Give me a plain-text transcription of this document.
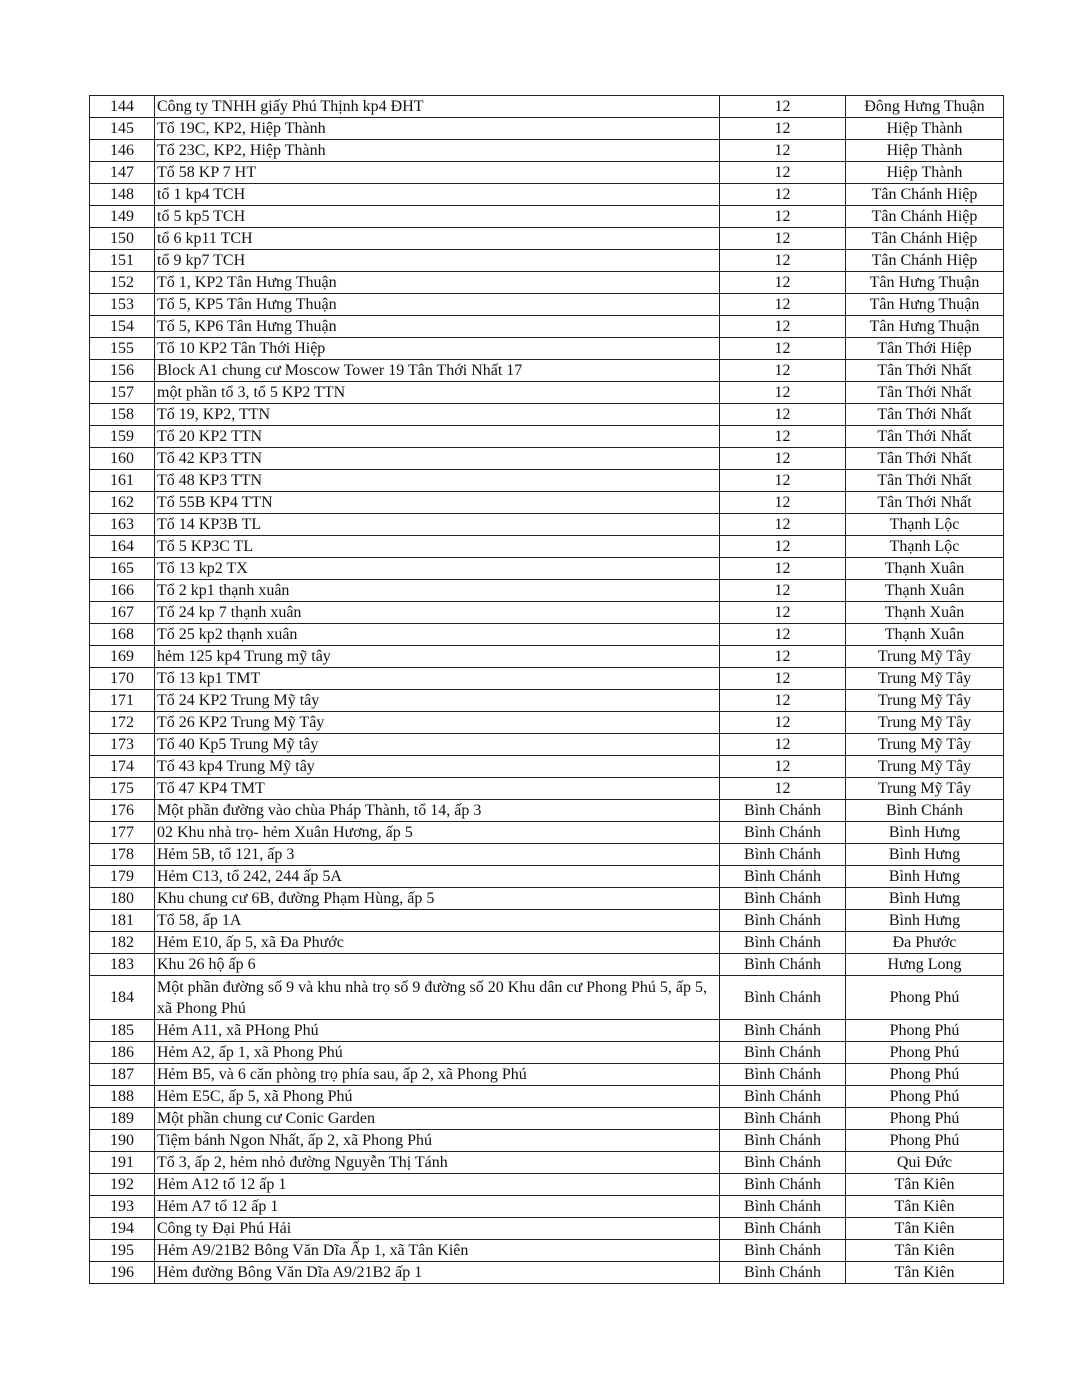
144	Công ty TNHH giấy Phú Thịnh kp4 ĐHT	12	Đông Hưng Thuận
145	Tổ 19C, KP2, Hiệp Thành	12	Hiệp Thành
146	Tổ 23C, KP2, Hiệp Thành	12	Hiệp Thành
147	Tổ 58 KP 7 HT	12	Hiệp Thành
148	tổ 1 kp4 TCH	12	Tân Chánh Hiệp
149	tổ 5 kp5 TCH	12	Tân Chánh Hiệp
150	tổ 6 kp11 TCH	12	Tân Chánh Hiệp
151	tổ 9 kp7 TCH	12	Tân Chánh Hiệp
152	Tổ 1, KP2 Tân Hưng Thuận	12	Tân Hưng Thuận
153	Tổ 5, KP5 Tân Hưng Thuận	12	Tân Hưng Thuận
154	Tổ 5, KP6 Tân Hưng Thuận	12	Tân Hưng Thuận
155	Tổ 10 KP2 Tân Thới Hiệp	12	Tân Thới Hiệp
156	Block A1 chung cư Moscow Tower 19 Tân Thới Nhất 17	12	Tân Thới Nhất
157	một phần tổ 3, tổ 5 KP2 TTN	12	Tân Thới Nhất
158	Tổ 19, KP2, TTN	12	Tân Thới Nhất
159	Tổ 20 KP2 TTN	12	Tân Thới Nhất
160	Tổ 42 KP3 TTN	12	Tân Thới Nhất
161	Tổ 48 KP3 TTN	12	Tân Thới Nhất
162	Tổ 55B KP4 TTN	12	Tân Thới Nhất
163	Tổ 14 KP3B TL	12	Thạnh Lộc
164	Tổ 5 KP3C TL	12	Thạnh Lộc
165	Tổ 13 kp2 TX	12	Thạnh Xuân
166	Tổ 2 kp1 thạnh xuân	12	Thạnh Xuân
167	Tổ 24 kp 7 thạnh xuân	12	Thạnh Xuân
168	Tổ 25 kp2 thạnh xuân	12	Thạnh Xuân
169	hẻm 125 kp4 Trung mỹ tây	12	Trung Mỹ Tây
170	Tổ 13 kp1 TMT	12	Trung Mỹ Tây
171	Tổ 24 KP2 Trung Mỹ tây	12	Trung Mỹ Tây
172	Tổ 26 KP2 Trung Mỹ Tây	12	Trung Mỹ Tây
173	Tổ 40 Kp5 Trung Mỹ tây	12	Trung Mỹ Tây
174	Tổ 43 kp4 Trung Mỹ tây	12	Trung Mỹ Tây
175	Tổ 47 KP4 TMT	12	Trung Mỹ Tây
176	Một phần đường vào chùa Pháp Thành, tổ 14, ấp 3	Bình Chánh	Bình Chánh
177	02 Khu nhà trọ- hẻm Xuân Hương, ấp 5	Bình Chánh	Bình Hưng
178	Hẻm 5B, tổ 121, ấp 3	Bình Chánh	Bình Hưng
179	Hẻm C13, tổ 242, 244 ấp 5A	Bình Chánh	Bình Hưng
180	Khu chung cư 6B, đường Phạm Hùng, ấp 5	Bình Chánh	Bình Hưng
181	Tổ 58, ấp 1A	Bình Chánh	Bình Hưng
182	Hẻm E10, ấp 5, xã Đa Phước	Bình Chánh	Đa Phước
183	Khu 26 hộ ấp 6	Bình Chánh	Hưng Long
184	Một phần đường số 9 và khu nhà trọ số 9 đường số 20 Khu dân cư Phong Phú 5, ấp 5, xã Phong Phú	Bình Chánh	Phong Phú
185	Hẻm A11, xã PHong Phú	Bình Chánh	Phong Phú
186	Hẻm A2, ấp 1, xã Phong Phú	Bình Chánh	Phong Phú
187	Hẻm B5, và 6 căn phòng trọ phía sau, ấp 2, xã Phong Phú	Bình Chánh	Phong Phú
188	Hẻm E5C, ấp 5, xã Phong Phú	Bình Chánh	Phong Phú
189	Một phần chung cư Conic Garden	Bình Chánh	Phong Phú
190	Tiệm bánh Ngon Nhất, ấp 2, xã Phong Phú	Bình Chánh	Phong Phú
191	Tổ 3, ấp 2, hẻm nhỏ đường Nguyễn Thị Tánh	Bình Chánh	Qui Đức
192	Hẻm A12 tổ 12 ấp 1	Bình Chánh	Tân Kiên
193	Hẻm A7 tổ 12 ấp 1	Bình Chánh	Tân Kiên
194	Công ty Đại Phú Hải	Bình Chánh	Tân Kiên
195	Hẻm A9/21B2 Bông Văn Dĩa Ấp 1, xã Tân Kiên	Bình Chánh	Tân Kiên
196	Hẻm đường Bông Văn Dĩa A9/21B2 ấp 1	Bình Chánh	Tân Kiên
